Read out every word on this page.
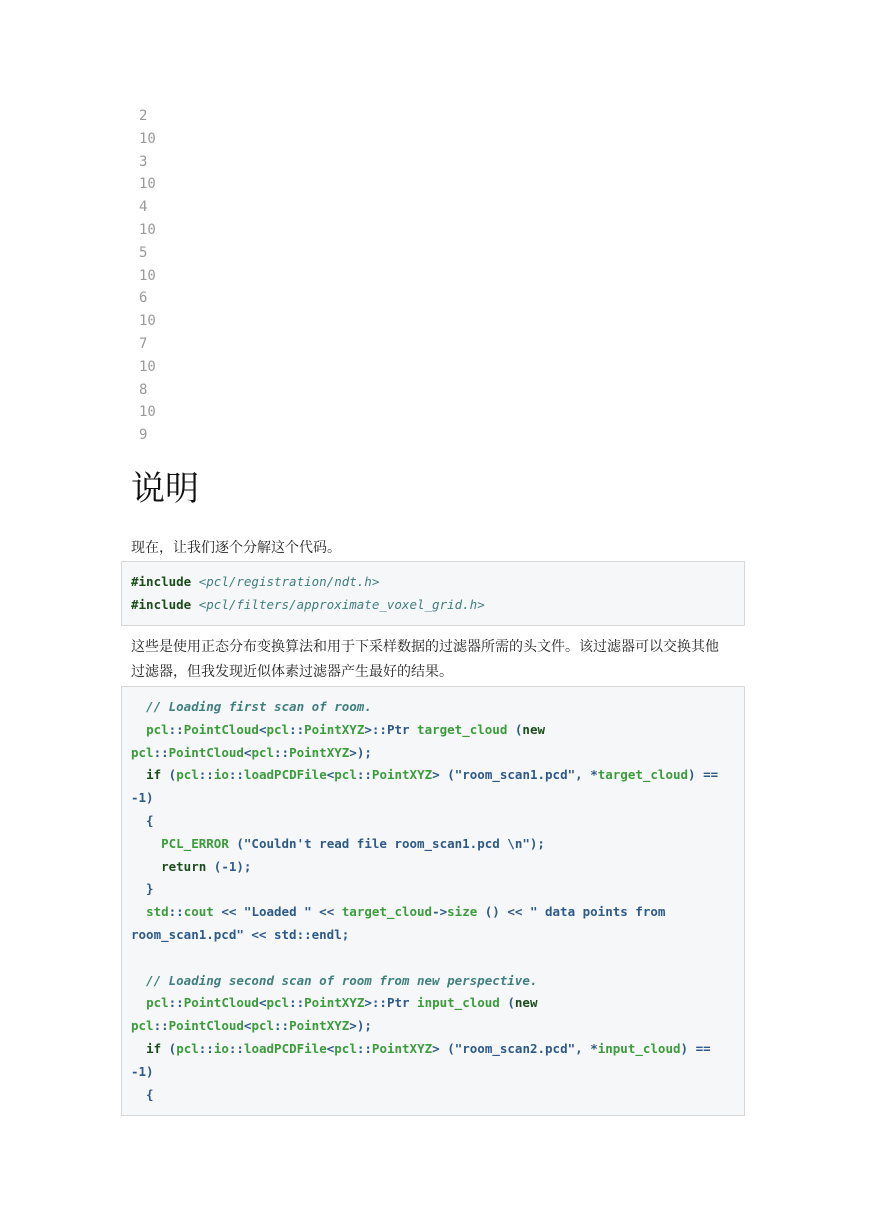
2
10
3
10
4
10
5
10
6
10
7
10
8
10
9
说明

现在，让我们逐个分解这个代码。

#include <pcl/registration/ndt.h>
#include <pcl/filters/approximate_voxel_grid.h>

这些是使用正态分布变换算法和用于下采样数据的过滤器所需的头文件。该过滤器可以交换其他
过滤器，但我发现近似体素过滤器产生最好的结果。

// Loading first scan of room.
pcl::PointCloud<pcl::PointXYZ>::Ptr target_cloud (new
pcl::PointCloud<pcl::PointXYZ>);
if (pcl::io::loadPCDFile<pcl::PointXYZ> ("room_scan1.pcd", *target_cloud) ==
-1)
{
PCL_ERROR ("Couldn't read file room_scan1.pcd \n");
return (-1);
}
std::cout << "Loaded " << target_cloud->size () << " data points from
room_scan1.pcd" << std::endl;
// Loading second scan of room from new perspective.
pcl::PointCloud<pcl::PointXYZ>::Ptr input_cloud (new
pcl::PointCloud<pcl::PointXYZ>);
if (pcl::io::loadPCDFile<pcl::PointXYZ> ("room_scan2.pcd", *input_cloud) ==
-1)
{
